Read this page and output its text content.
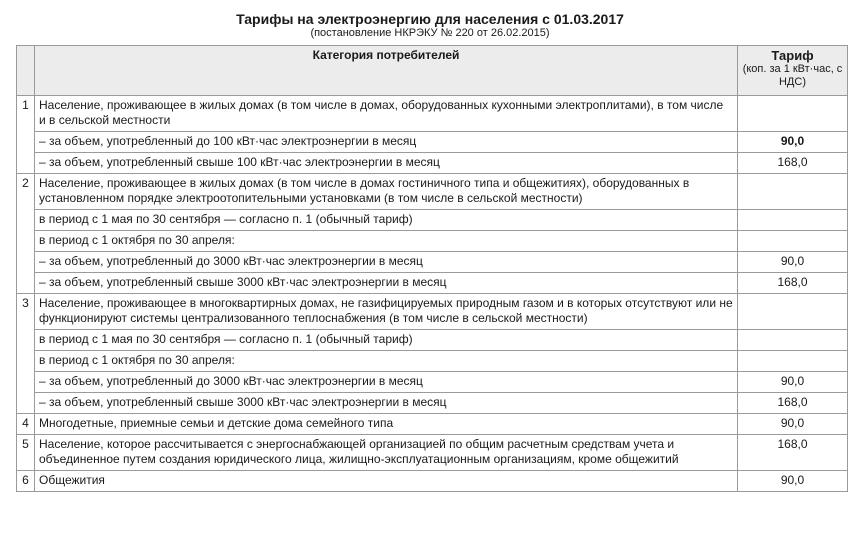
Тарифы на электроэнергию для населения с 01.03.2017

(постановление НКРЭКУ № 220 от 26.02.2015)

	Категория потребителей	Тариф
(коп. за 1 кВт·час, с НДС)

1	Население, проживающее в жилых домах (в том числе в домах, оборудованных кухонными электроплитами), в том числе и в сельской местности	
	– за объем, употребленный до 100 кВт·час электроэнергии в месяц	90,0
	– за объем, употребленный свыше 100 кВт·час электроэнергии в месяц	168,0
2	Население, проживающее в жилых домах (в том числе в домах гостиничного типа и общежитиях), оборудованных в установленном порядке электроотопительными установками (в том числе в сельской местности)	
	в период с 1 мая по 30 сентября — согласно п. 1 (обычный тариф)	
	в период с 1 октября по 30 апреля:	
	– за объем, употребленный до 3000 кВт·час электроэнергии в месяц	90,0
	– за объем, употребленный свыше 3000 кВт·час электроэнергии в месяц	168,0
3	Население, проживающее в многоквартирных домах, не газифицируемых природным газом и в которых отсутствуют или не функционируют системы централизованного теплоснабжения (в том числе в сельской местности)	
	в период с 1 мая по 30 сентября — согласно п. 1 (обычный тариф)	
	в период с 1 октября по 30 апреля:	
	– за объем, употребленный до 3000 кВт·час электроэнергии в месяц	90,0
	– за объем, употребленный свыше 3000 кВт·час электроэнергии в месяц	168,0
4	Многодетные, приемные семьи и детские дома семейного типа	90,0
5	Население, которое рассчитывается с энергоснабжающей организацией по общим расчетным средствам учета и объединенное путем создания юридического лица, жилищно-эксплуатационным организациям, кроме общежитий	168,0
6	Общежития	90,0
